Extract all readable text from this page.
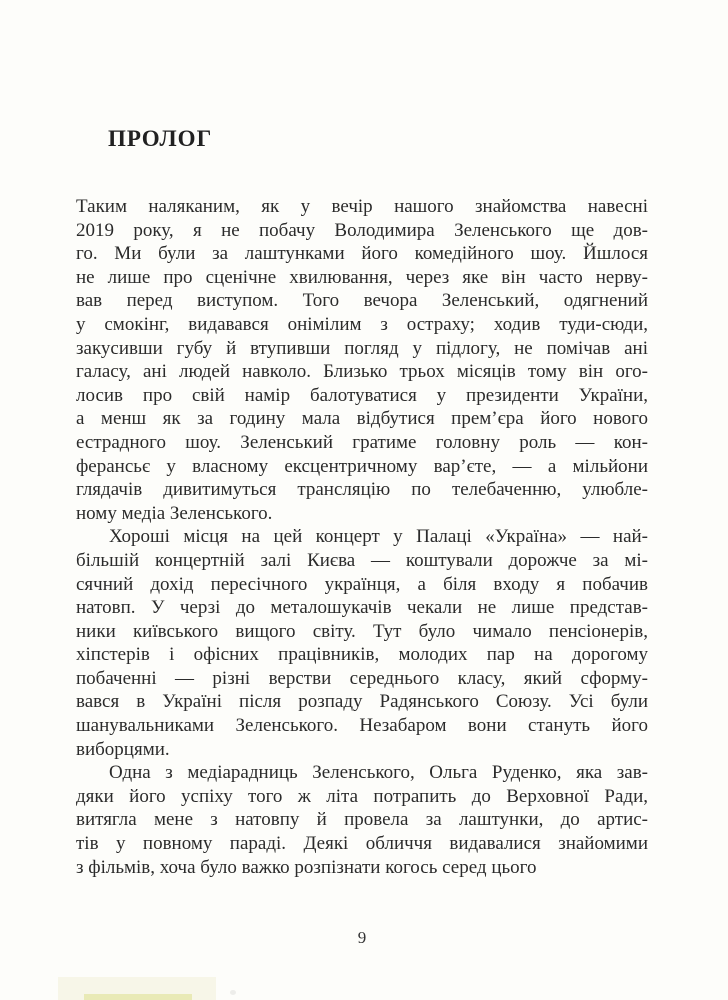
ПРОЛОГ
Таким наляканим, як у вечір нашого знайомства навесні
2019 року, я не побачу Володимира Зеленського ще дов-
го. Ми були за лаштунками його комедійного шоу. Йшлося
не лише про сценічне хвилювання, через яке він часто нерву-
вав перед виступом. Того вечора Зеленський, одягнений
у смокінг, видавався онімілим з остраху; ходив туди-сюди,
закусивши губу й втупивши погляд у підлогу, не помічав ані
галасу, ані людей навколо. Близько трьох місяців тому він ого-
лосив про свій намір балотуватися у президенти України,
а менш як за годину мала відбутися прем’єра його нового
естрадного шоу. Зеленський гратиме головну роль — кон-
ферансьє у власному ексцентричному вар’єте, — а мільйони
глядачів дивитимуться трансляцію по телебаченню, улюбле-
ному медіа Зеленського.
Хороші місця на цей концерт у Палаці «Україна» — най-
більшій концертній залі Києва — коштували дорожче за мі-
сячний дохід пересічного українця, а біля входу я побачив
натовп. У черзі до металошукачів чекали не лише представ-
ники київського вищого світу. Тут було чимало пенсіонерів,
хіпстерів і офісних працівників, молодих пар на дорогому
побаченні — різні верстви середнього класу, який сформу-
вався в Україні після розпаду Радянського Союзу. Усі були
шанувальниками Зеленського. Незабаром вони стануть його
виборцями.
Одна з медіарадниць Зеленського, Ольга Руденко, яка зав-
дяки його успіху того ж літа потрапить до Верховної Ради,
витягла мене з натовпу й провела за лаштунки, до артис-
тів у повному параді. Деякі обличчя видавалися знайомими
з фільмів, хоча було важко розпізнати когось серед цього
9
